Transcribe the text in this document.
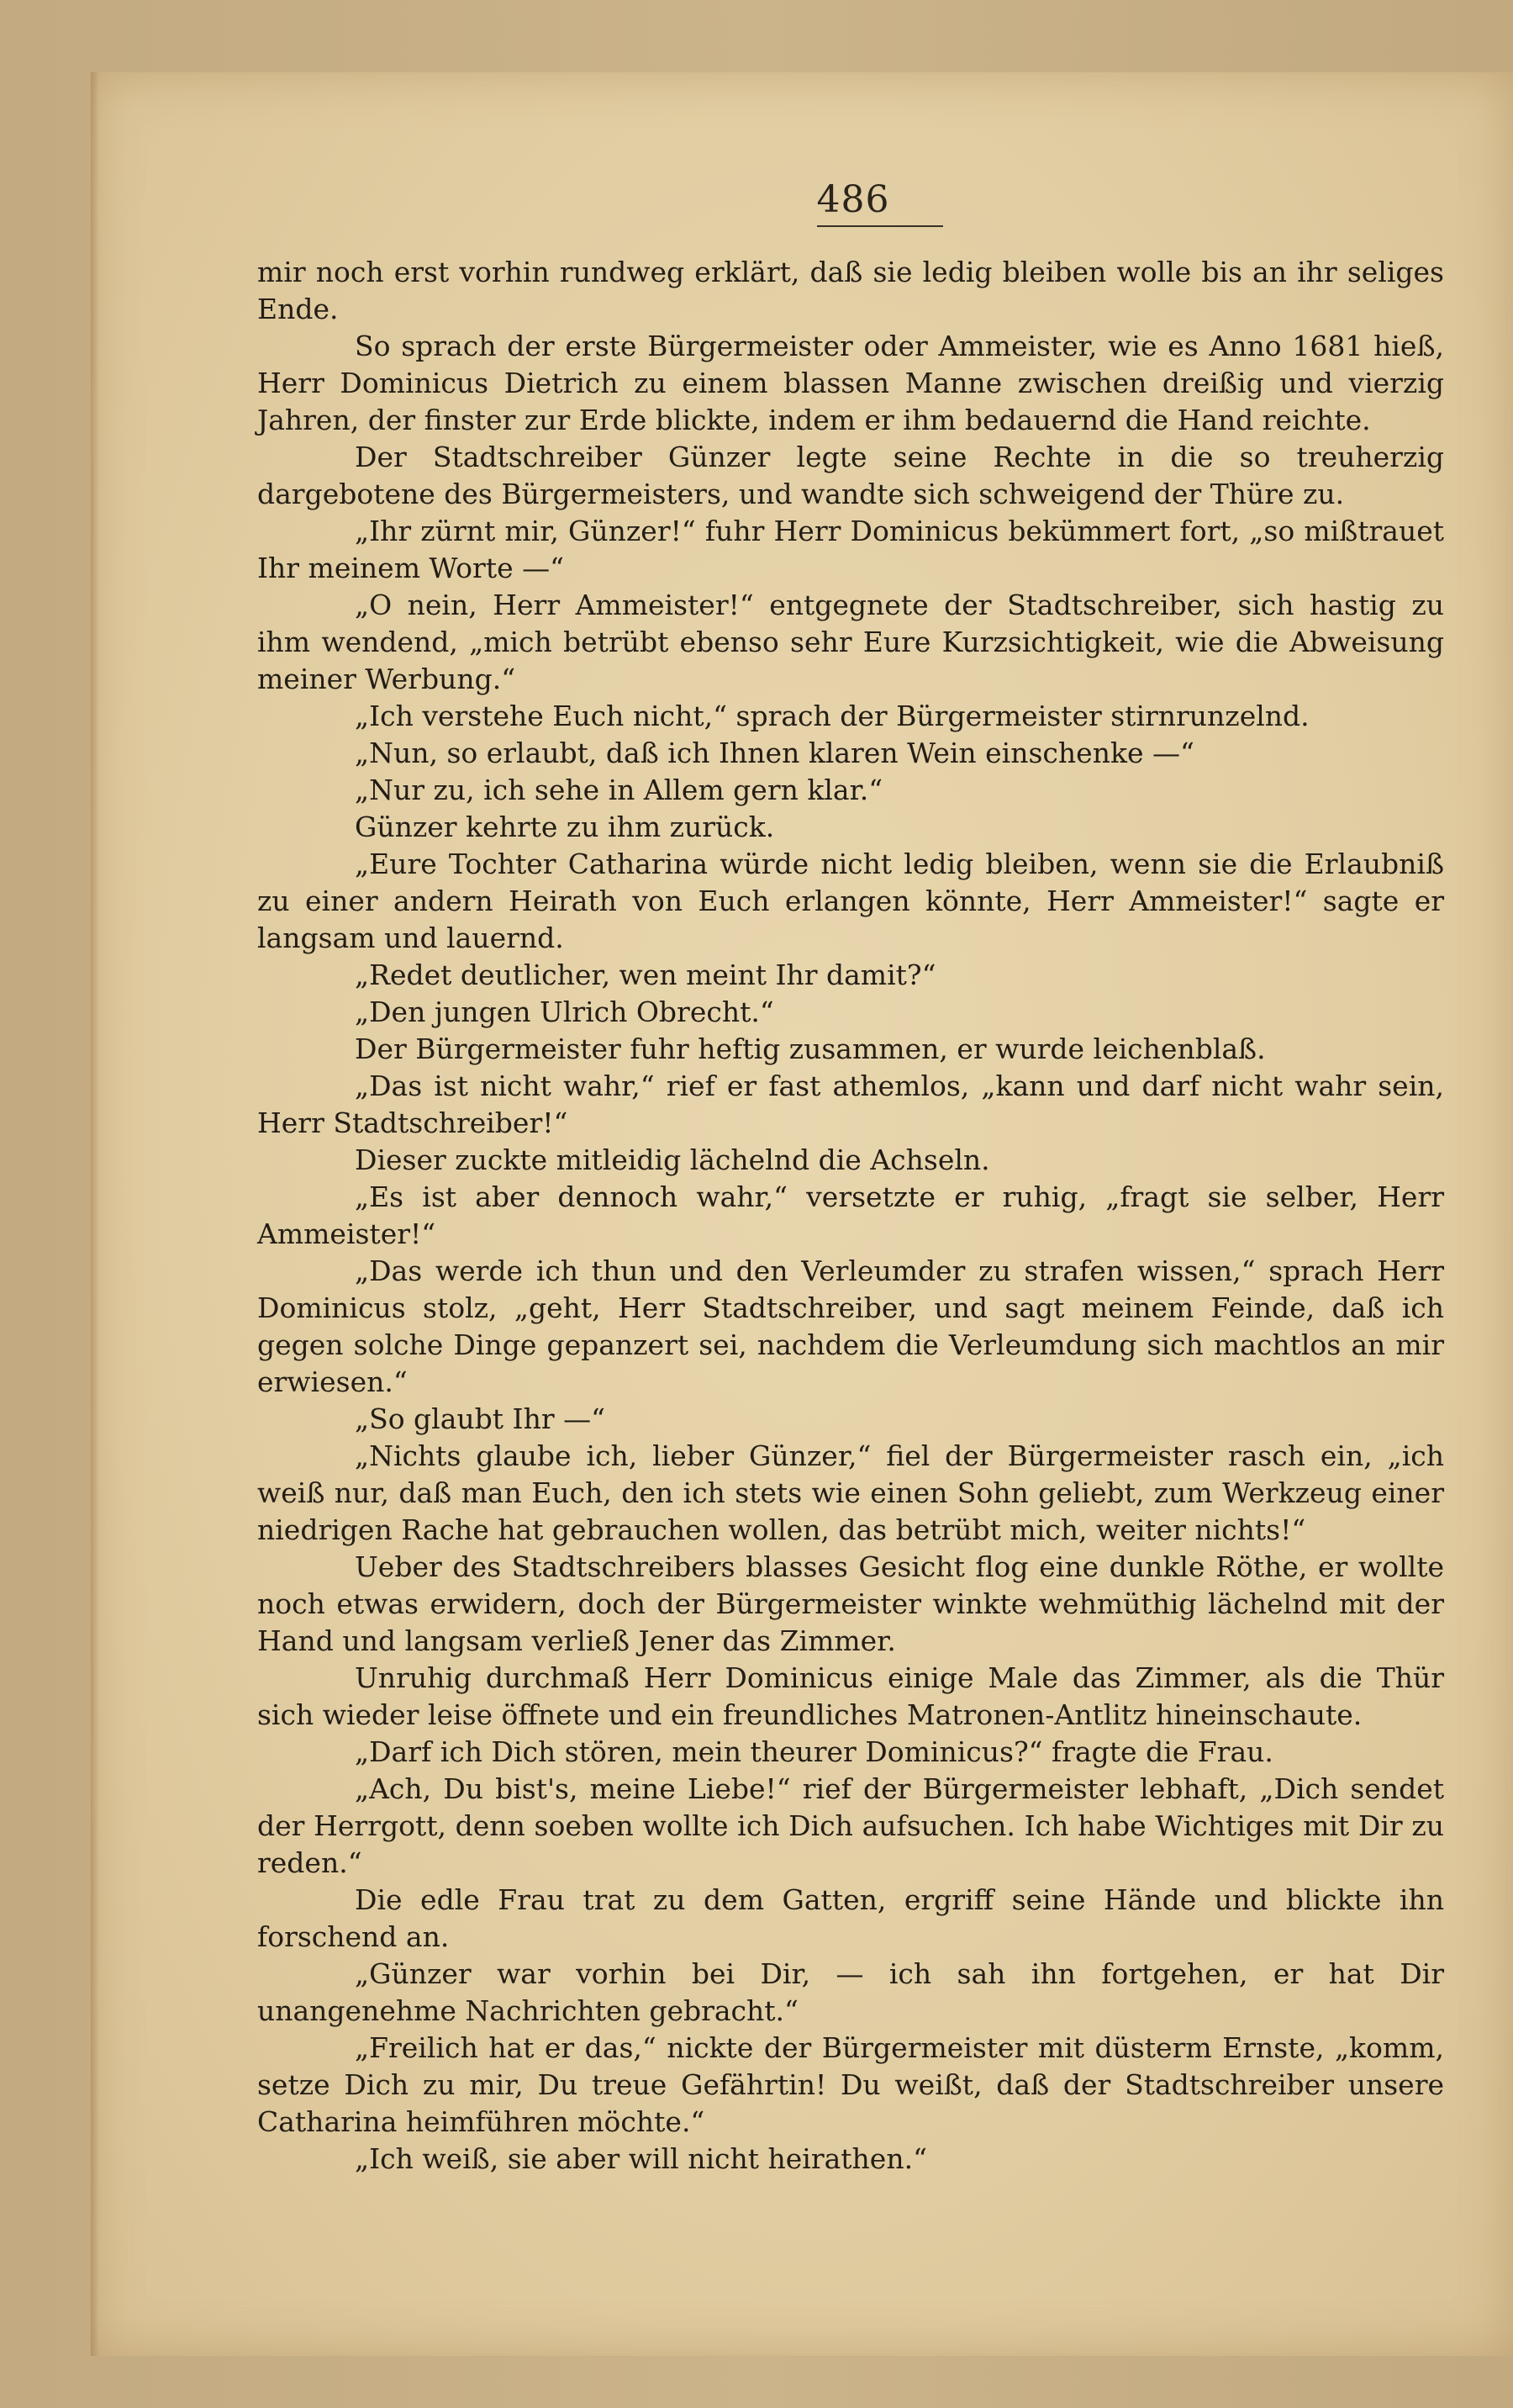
486

mir noch erst vorhin rundweg erklärt, daß sie ledig bleiben wolle bis an ihr seliges Ende.

So sprach der erste Bürgermeister oder Ammeister, wie es Anno 1681 hieß, Herr Dominicus Dietrich zu einem blassen Manne zwischen dreißig und vierzig Jahren, der finster zur Erde blickte, indem er ihm bedauernd die Hand reichte.

Der Stadtschreiber Günzer legte seine Rechte in die so treuherzig dargebotene des Bürgermeisters, und wandte sich schweigend der Thüre zu.

„Ihr zürnt mir, Günzer!“ fuhr Herr Dominicus bekümmert fort, „so mißtrauet Ihr meinem Worte —“

„O nein, Herr Ammeister!“ entgegnete der Stadtschreiber, sich hastig zu ihm wendend, „mich betrübt ebenso sehr Eure Kurzsichtigkeit, wie die Abweisung meiner Werbung.“

„Ich verstehe Euch nicht,“ sprach der Bürgermeister stirnrunzelnd.

„Nun, so erlaubt, daß ich Ihnen klaren Wein einschenke —“

„Nur zu, ich sehe in Allem gern klar.“

Günzer kehrte zu ihm zurück.

„Eure Tochter Catharina würde nicht ledig bleiben, wenn sie die Erlaubniß zu einer andern Heirath von Euch erlangen könnte, Herr Ammeister!“ sagte er langsam und lauernd.

„Redet deutlicher, wen meint Ihr damit?“

„Den jungen Ulrich Obrecht.“

Der Bürgermeister fuhr heftig zusammen, er wurde leichenblaß.

„Das ist nicht wahr,“ rief er fast athemlos, „kann und darf nicht wahr sein, Herr Stadtschreiber!“

Dieser zuckte mitleidig lächelnd die Achseln.

„Es ist aber dennoch wahr,“ versetzte er ruhig, „fragt sie selber, Herr Ammeister!“

„Das werde ich thun und den Verleumder zu strafen wissen,“ sprach Herr Dominicus stolz, „geht, Herr Stadtschreiber, und sagt meinem Feinde, daß ich gegen solche Dinge gepanzert sei, nachdem die Verleumdung sich machtlos an mir erwiesen.“

„So glaubt Ihr —“

„Nichts glaube ich, lieber Günzer,“ fiel der Bürgermeister rasch ein, „ich weiß nur, daß man Euch, den ich stets wie einen Sohn geliebt, zum Werkzeug einer niedrigen Rache hat gebrauchen wollen, das betrübt mich, weiter nichts!“

Ueber des Stadtschreibers blasses Gesicht flog eine dunkle Röthe, er wollte noch etwas erwidern, doch der Bürgermeister winkte wehmüthig lächelnd mit der Hand und langsam verließ Jener das Zimmer.

Unruhig durchmaß Herr Dominicus einige Male das Zimmer, als die Thür sich wieder leise öffnete und ein freundliches Matronen-Antlitz hineinschaute.

„Darf ich Dich stören, mein theurer Dominicus?“ fragte die Frau.

„Ach, Du bist's, meine Liebe!“ rief der Bürgermeister lebhaft, „Dich sendet der Herrgott, denn soeben wollte ich Dich aufsuchen. Ich habe Wichtiges mit Dir zu reden.“

Die edle Frau trat zu dem Gatten, ergriff seine Hände und blickte ihn forschend an.

„Günzer war vorhin bei Dir, — ich sah ihn fortgehen, er hat Dir unangenehme Nachrichten gebracht.“

„Freilich hat er das,“ nickte der Bürgermeister mit düsterm Ernste, „komm, setze Dich zu mir, Du treue Gefährtin! Du weißt, daß der Stadtschreiber unsere Catharina heimführen möchte.“

„Ich weiß, sie aber will nicht heirathen.“
